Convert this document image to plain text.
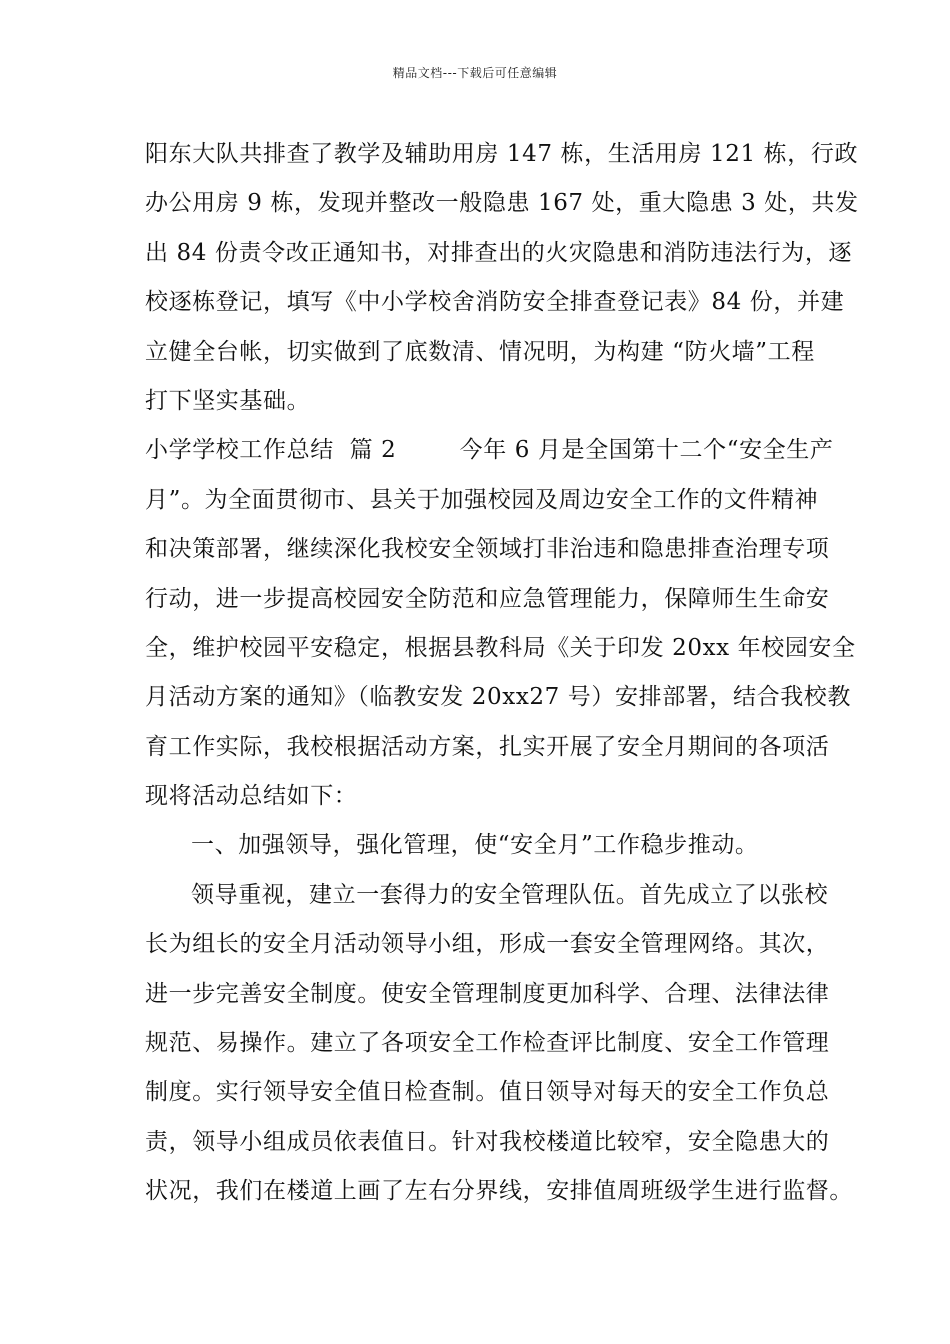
精品文档---下载后可任意编辑
阳东大队共排查了教学及辅助用房 147 栋，生活用房 121 栋，行政
办公用房 9 栋，发现并整改一般隐患 167 处，重大隐患 3 处，共发
出 84 份责令改正通知书，对排查出的火灾隐患和消防违法行为，逐
校逐栋登记，填写《中小学校舍消防安全排查登记表》84 份，并建
立健全台帐，切实做到了底数清、情况明，为构建 “防火墙”工程
打下坚实基础。
小学学校工作总结  篇 2        今年 6 月是全国第十二个“安全生产
月”。为全面贯彻市、县关于加强校园及周边安全工作的文件精神
和决策部署，继续深化我校安全领域打非治违和隐患排查治理专项
行动，进一步提高校园安全防范和应急管理能力，保障师生生命安
全，维护校园平安稳定，根据县教科局《关于印发 20xx 年校园安全
月活动方案的通知》（临教安发 20xx27 号）安排部署，结合我校教
育工作实际，我校根据活动方案，扎实开展了安全月期间的各项活
现将活动总结如下：
一、加强领导，强化管理，使“安全月”工作稳步推动。
领导重视，建立一套得力的安全管理队伍。首先成立了以张校
长为组长的安全月活动领导小组，形成一套安全管理网络。其次，
进一步完善安全制度。使安全管理制度更加科学、合理、法律法律
规范、易操作。建立了各项安全工作检查评比制度、安全工作管理
制度。实行领导安全值日检查制。值日领导对每天的安全工作负总
责，领导小组成员依表值日。针对我校楼道比较窄，安全隐患大的
状况，我们在楼道上画了左右分界线，安排值周班级学生进行监督。
